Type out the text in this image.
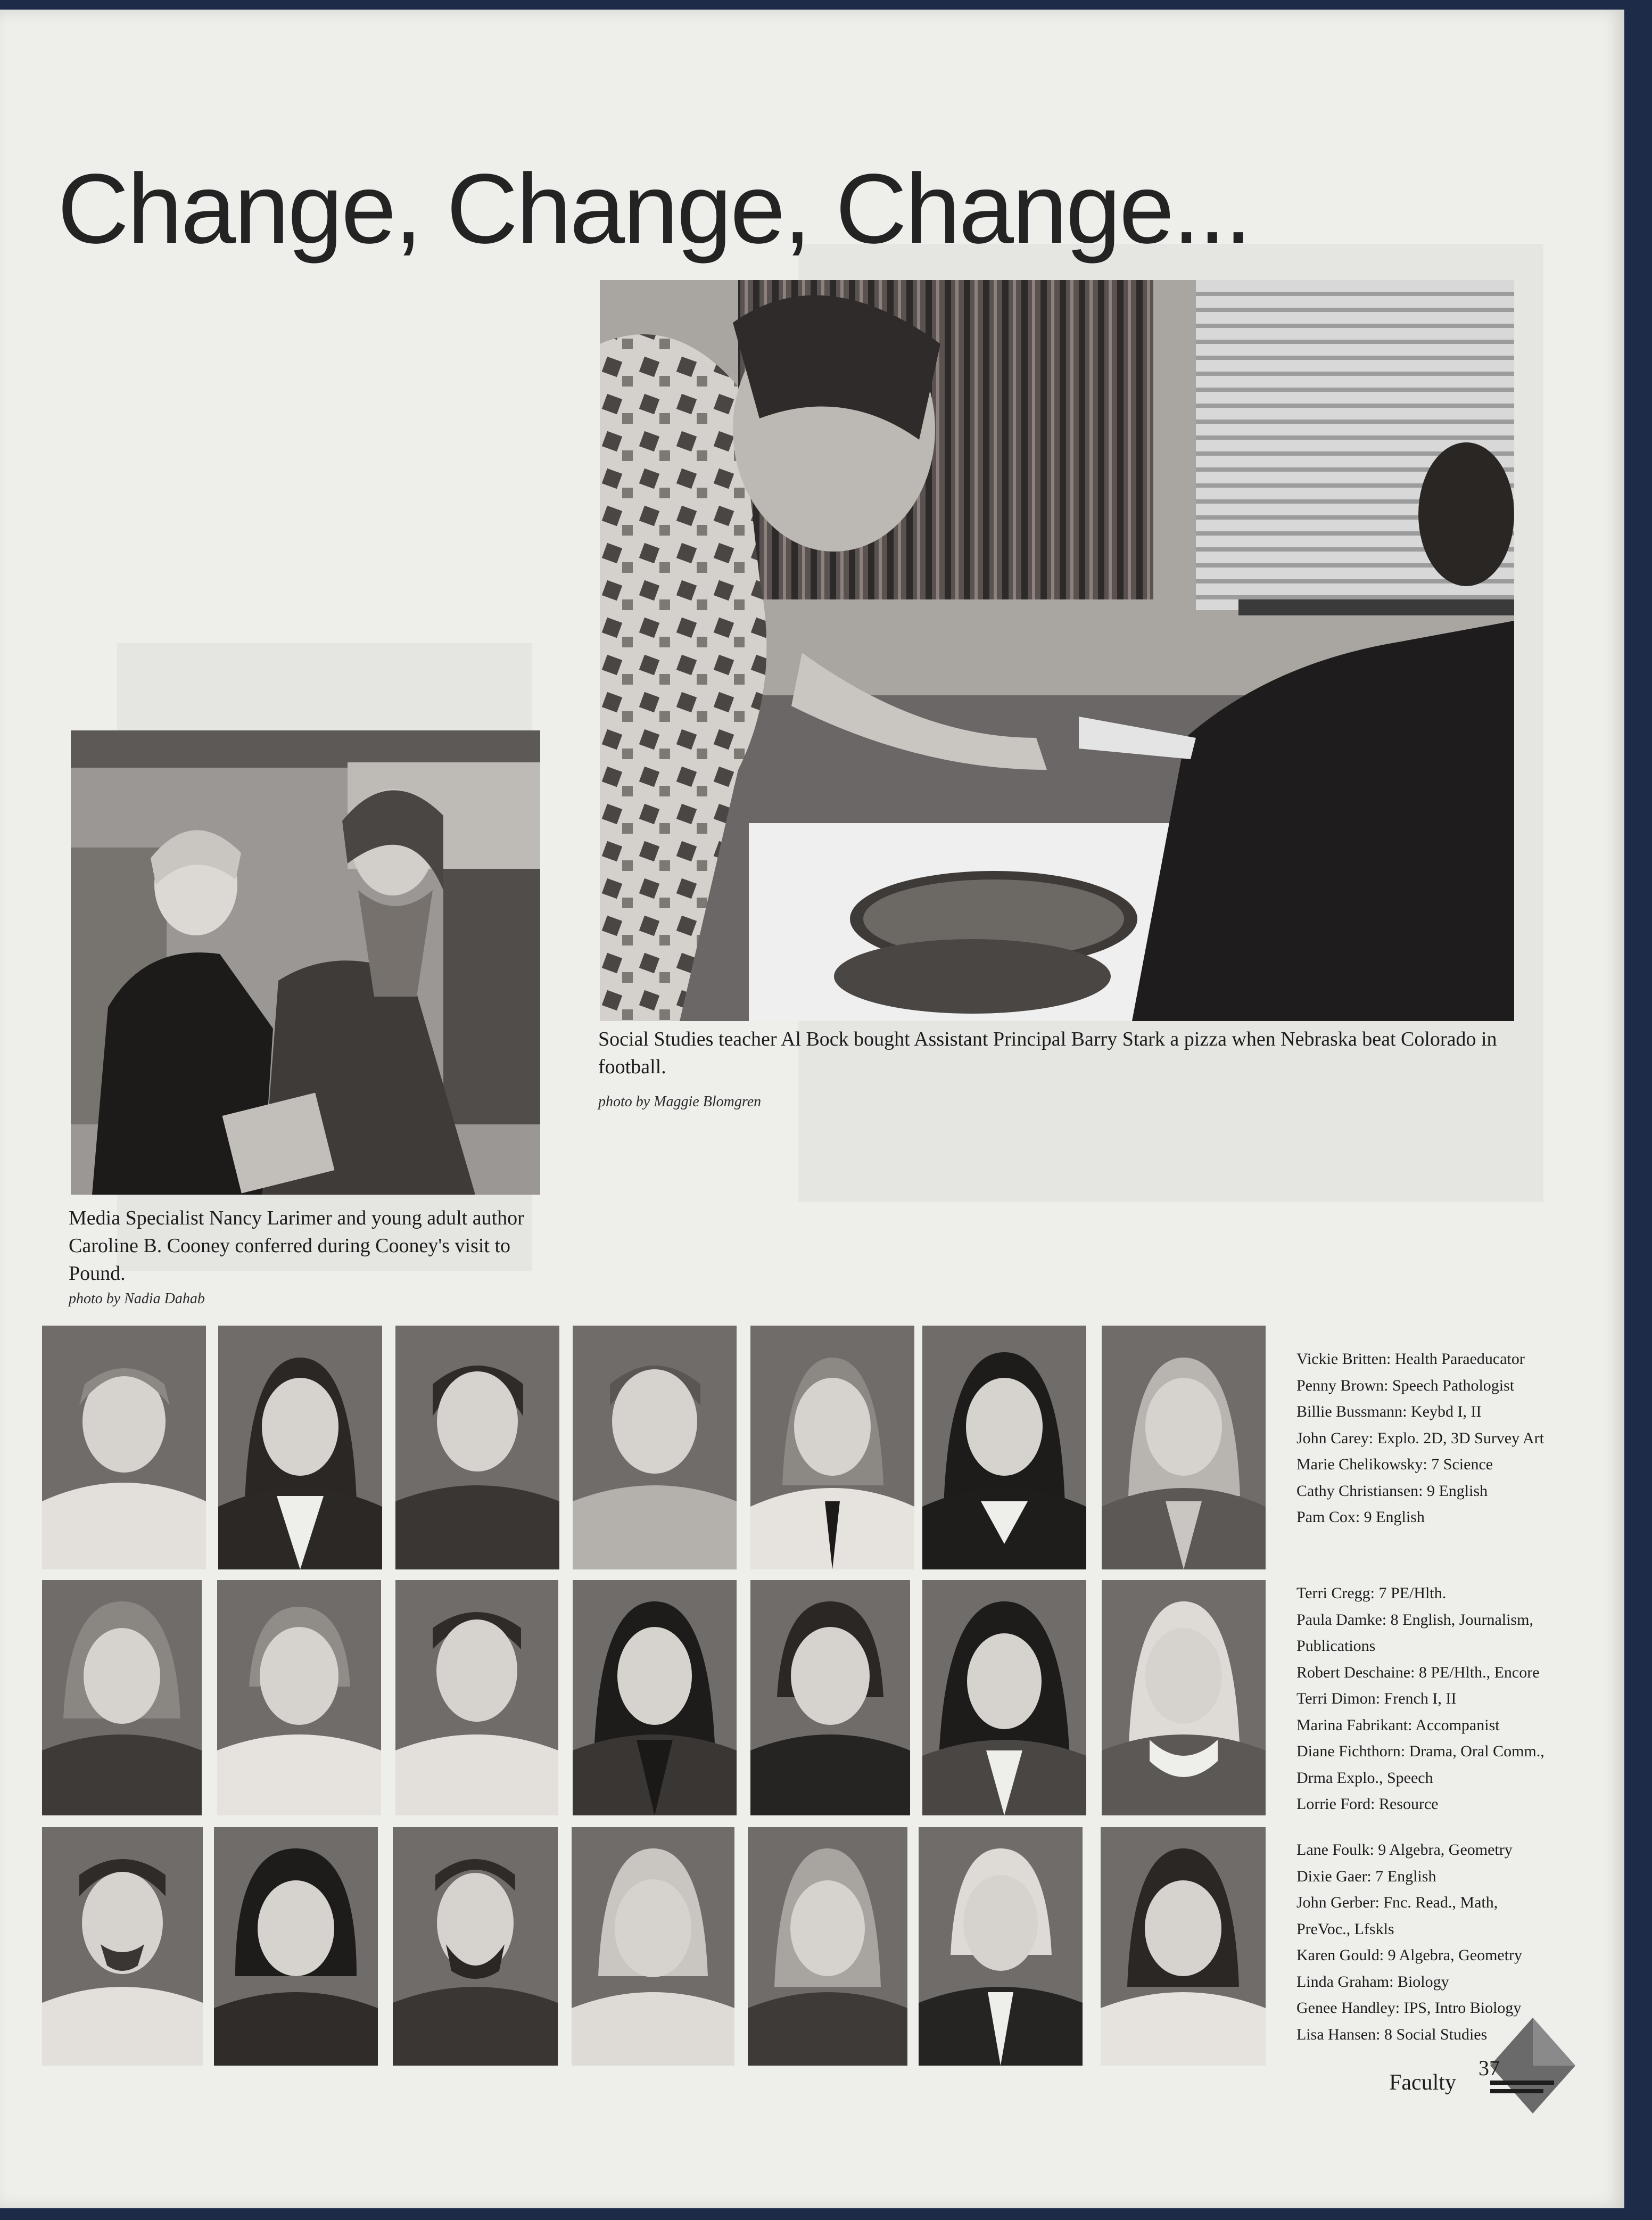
Change, Change, Change...

Social Studies teacher Al Bock bought Assistant Principal Barry Stark a pizza when Nebraska beat Colorado in football.

photo by Maggie Blomgren

Media Specialist Nancy Larimer and young adult author Caroline B. Cooney conferred during Cooney's visit to Pound.

photo by Nadia Dahab
Vickie Britten: Health Paraeducator
Penny Brown: Speech Pathologist
Billie Bussmann: Keybd I, II
John Carey: Explo. 2D, 3D Survey Art
Marie Chelikowsky: 7 Science
Cathy Christiansen: 9 English
Pam Cox: 9 English
Terri Cregg: 7 PE/Hlth.
Paula Damke: 8 English, Journalism,
Publications
Robert Deschaine: 8 PE/Hlth., Encore
Terri Dimon: French I, II
Marina Fabrikant: Accompanist
Diane Fichthorn: Drama, Oral Comm.,
Drma Explo., Speech
Lorrie Ford: Resource
Lane Foulk: 9 Algebra, Geometry
Dixie Gaer: 7 English
John Gerber: Fnc. Read., Math,
PreVoc., Lfskls
Karen Gould: 9 Algebra, Geometry
Linda Graham: Biology
Genee Handley: IPS, Intro Biology
Lisa Hansen: 8 Social Studies
37
Faculty
